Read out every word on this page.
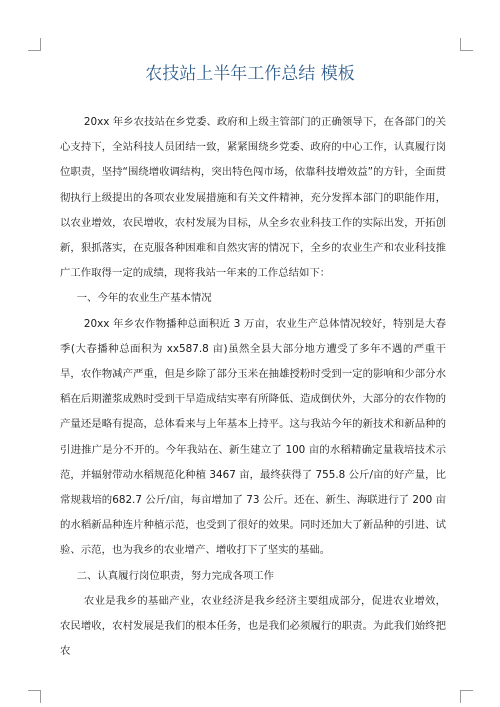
农技站上半年工作总结 模板

20xx 年乡农技站在乡党委、政府和上级主管部门的正确领导下，在各部门的关心支持下，全站科技人员团结一致，紧紧围绕乡党委、政府的中心工作，认真履行岗位职责，坚持“围绕增收调结构，突出特色闯市场，依靠科技增效益”的方针，全面贯彻执行上级提出的各项农业发展措施和有关文件精神，充分发挥本部门的职能作用，以农业增效，农民增收，农村发展为目标，从全乡农业科技工作的实际出发，开拓创新，狠抓落实，在克服各种困难和自然灾害的情况下，全乡的农业生产和农业科技推广工作取得一定的成绩，现将我站一年来的工作总结如下：

一、今年的农业生产基本情况

20xx 年乡农作物播种总面积近 3 万亩，农业生产总体情况较好，特别是大春季(大春播种总面积为 xx587.8 亩)虽然全县大部分地方遭受了多年不遇的严重干旱，农作物减产严重，但是乡除了部分玉米在抽雄授粉时受到一定的影响和少部分水稻在后期灌浆成熟时受到干旱造成结实率有所降低、造成倒伏外，大部分的农作物的产量还是略有提高，总体看来与上年基本上持平。这与我站今年的新技术和新品种的引进推广是分不开的。今年我站在、新生建立了 100 亩的水稻精确定量栽培技术示范，并辐射带动水稻规范化种植 3467 亩，最终获得了 755.8 公斤/亩的好产量，比常规栽培的682.7 公斤/亩，每亩增加了 73 公斤。还在、新生、海联进行了 200 亩的水稻新品种连片种植示范，也受到了很好的效果。同时还加大了新品种的引进、试验、示范，也为我乡的农业增产、增收打下了坚实的基础。

二、认真履行岗位职责，努力完成各项工作

农业是我乡的基础产业，农业经济是我乡经济主要组成部分，促进农业增效，农民增收，农村发展是我们的根本任务，也是我们必须履行的职责。为此我们始终把农
